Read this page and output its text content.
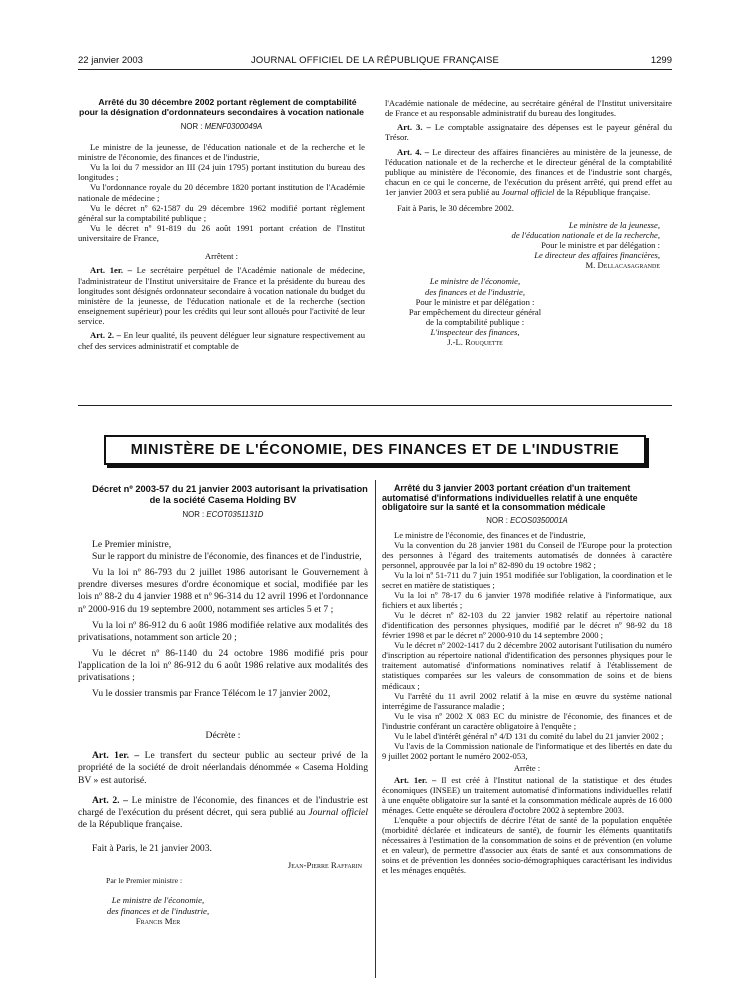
22 janvier 2003	JOURNAL OFFICIEL DE LA RÉPUBLIQUE FRANÇAISE	1299

Arrêté du 30 décembre 2002 portant règlement de comptabilité pour la désignation d'ordonnateurs secondaires à vocation nationale

NOR : MENF0300049A

Le ministre de la jeunesse, de l'éducation nationale et de la recherche et le ministre de l'économie, des finances et de l'industrie,

Vu la loi du 7 messidor an III (24 juin 1795) portant institution du bureau des longitudes ;

Vu l'ordonnance royale du 20 décembre 1820 portant institution de l'Académie nationale de médecine ;

Vu le décret nº 62-1587 du 29 décembre 1962 modifié portant règlement général sur la comptabilité publique ;

Vu le décret nº 91-819 du 26 août 1991 portant création de l'Institut universitaire de France,

Arrêtent :

Art. 1er. – Le secrétaire perpétuel de l'Académie nationale de médecine, l'administrateur de l'Institut universitaire de France et la présidente du bureau des longitudes sont désignés ordonnateur secondaire à vocation nationale du budget du ministère de la jeunesse, de l'éducation nationale et de la recherche (section enseignement supérieur) pour les crédits qui leur sont alloués pour l'activité de leur service.

Art. 2. – En leur qualité, ils peuvent déléguer leur signature respectivement au chef des services administratif et comptable de

l'Académie nationale de médecine, au secrétaire général de l'Institut universitaire de France et au responsable administratif du bureau des longitudes.

Art. 3. – Le comptable assignataire des dépenses est le payeur général du Trésor.

Art. 4. – Le directeur des affaires financières au ministère de la jeunesse, de l'éducation nationale et de la recherche et le directeur général de la comptabilité publique au ministère de l'économie, des finances et de l'industrie sont chargés, chacun en ce qui le concerne, de l'exécution du présent arrêté, qui prend effet au 1er janvier 2003 et sera publié au Journal officiel de la République française.

Fait à Paris, le 30 décembre 2002.

Le ministre de la jeunesse,
de l'éducation nationale et de la recherche,
Pour le ministre et par délégation :
Le directeur des affaires financières,
M. Dellacasagrande
Le ministre de l'économie,
des finances et de l'industrie,
Pour le ministre et par délégation :
Par empêchement du directeur général
de la comptabilité publique :
L'inspecteur des finances,
J.-L. Rouquette
MINISTÈRE DE L'ÉCONOMIE, DES FINANCES ET DE L'INDUSTRIE

Décret nº 2003-57 du 21 janvier 2003 autorisant la privatisation de la société Casema Holding BV

NOR : ECOT0351131D

Le Premier ministre,

Sur le rapport du ministre de l'économie, des finances et de l'industrie,

Vu la loi nº 86-793 du 2 juillet 1986 autorisant le Gouvernement à prendre diverses mesures d'ordre économique et social, modifiée par les lois nº 88-2 du 4 janvier 1988 et nº 96-314 du 12 avril 1996 et l'ordonnance nº 2000-916 du 19 septembre 2000, notamment ses articles 5 et 7 ;

Vu la loi nº 86-912 du 6 août 1986 modifiée relative aux modalités des privatisations, notamment son article 20 ;

Vu le décret nº 86-1140 du 24 octobre 1986 modifié pris pour l'application de la loi nº 86-912 du 6 août 1986 relative aux modalités des privatisations ;

Vu le dossier transmis par France Télécom le 17 janvier 2002,

Décrète :

Art. 1er. – Le transfert du secteur public au secteur privé de la propriété de la société de droit néerlandais dénommée « Casema Holding BV » est autorisé.

Art. 2. – Le ministre de l'économie, des finances et de l'industrie est chargé de l'exécution du présent décret, qui sera publié au Journal officiel de la République française.

Fait à Paris, le 21 janvier 2003.

Jean-Pierre Raffarin
Par le Premier ministre :
Le ministre de l'économie,
des finances et de l'industrie,
Francis Mer

Arrêté du 3 janvier 2003 portant création d'un traitement automatisé d'informations individuelles relatif à une enquête obligatoire sur la santé et la consommation médicale

NOR : ECOS0350001A

Le ministre de l'économie, des finances et de l'industrie,

Vu la convention du 28 janvier 1981 du Conseil de l'Europe pour la protection des personnes à l'égard des traitements automatisés de données à caractère personnel, approuvée par la loi nº 82-890 du 19 octobre 1982 ;

Vu la loi nº 51-711 du 7 juin 1951 modifiée sur l'obligation, la coordination et le secret en matière de statistiques ;

Vu la loi nº 78-17 du 6 janvier 1978 modifiée relative à l'informatique, aux fichiers et aux libertés ;

Vu le décret nº 82-103 du 22 janvier 1982 relatif au répertoire national d'identification des personnes physiques, modifié par le décret nº 98-92 du 18 février 1998 et par le décret nº 2000-910 du 14 septembre 2000 ;

Vu le décret nº 2002-1417 du 2 décembre 2002 autorisant l'utilisation du numéro d'inscription au répertoire national d'identification des personnes physiques pour le traitement automatisé d'informations nominatives relatif à l'établissement de statistiques comparées sur les valeurs de consommation de soins et de biens médicaux ;

Vu l'arrêté du 11 avril 2002 relatif à la mise en œuvre du système national interrégime de l'assurance maladie ;

Vu le visa nº 2002 X 083 EC du ministre de l'économie, des finances et de l'industrie conférant un caractère obligatoire à l'enquête ;

Vu le label d'intérêt général nº 4/D 131 du comité du label du 21 janvier 2002 ;

Vu l'avis de la Commission nationale de l'informatique et des libertés en date du 9 juillet 2002 portant le numéro 2002-053,

Arrête :

Art. 1er. – Il est créé à l'Institut national de la statistique et des études économiques (INSEE) un traitement automatisé d'informations individuelles relatif à une enquête obligatoire sur la santé et la consommation médicale auprès de 16 000 ménages. Cette enquête se déroulera d'octobre 2002 à septembre 2003.

L'enquête a pour objectifs de décrire l'état de santé de la population enquêtée (morbidité déclarée et indicateurs de santé), de fournir les éléments quantitatifs nécessaires à l'estimation de la consommation de soins et de prévention (en volume et en valeur), de permettre d'associer aux états de santé et aux consommations de soins et de prévention les données socio-démographiques caractérisant les individus et les ménages enquêtés.
